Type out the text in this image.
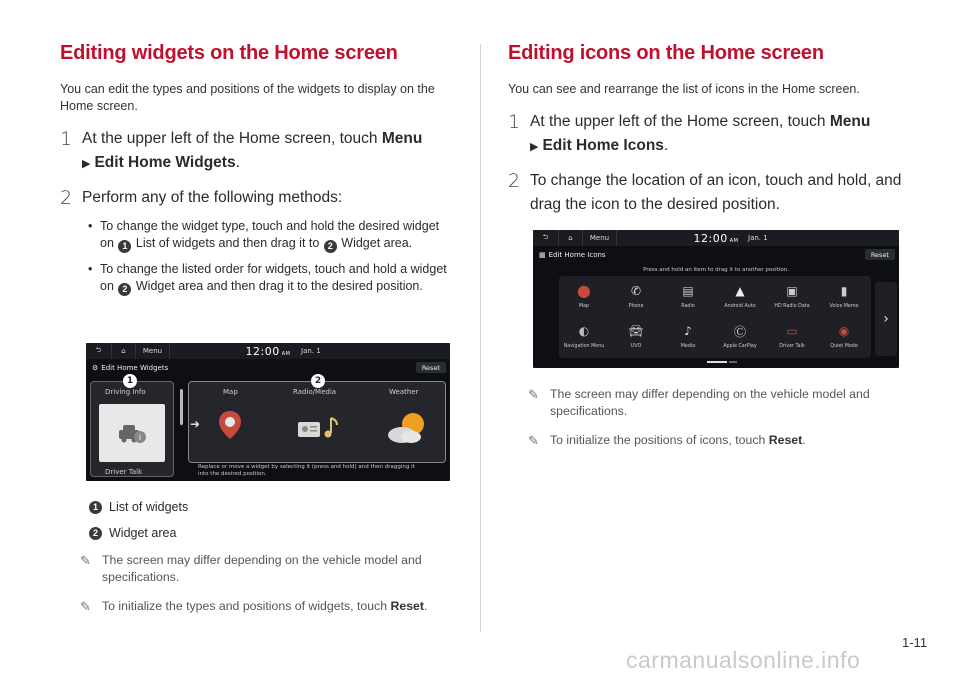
Editing widgets on the Home screen

You can edit the types and positions of the widgets to display on the Home screen.

1 At the upper left of the Home screen, touch Menu
▶ Edit Home Widgets.
2 Perform any of the following methods:
• To change the widget type, touch and hold the desired widget on 1 List of widgets and then drag it to 2 Widget area.
• To change the listed order for widgets, touch and hold a widget on 2 Widget area and then drag it to the desired position.
⮌	⌂	Menu	12:00 AM Jan. 1
⚙ Edit Home Widgets	Reset
Driving Info
i
Driver Talk
1
Map	Radio/Media	Weather
2
➜
Replace or move a widget by selecting it (press and hold) and then dragging it into the desired position.
1 List of widgets
2 Widget area
✎ The screen may differ depending on the vehicle model and specifications.
✎ To initialize the types and positions of widgets, touch Reset.
Editing icons on the Home screen

You can see and rearrange the list of icons in the Home screen.

1 At the upper left of the Home screen, touch Menu
▶ Edit Home Icons.
2 To change the location of an icon, touch and hold, and drag the icon to the desired position.
⮌	⌂	Menu	12:00 AM Jan. 1
▦ Edit Home Icons	Reset
Press and hold an item to drag it to another position.
⬤
Map
✆
Phone
▤
Radio
▲
Android Auto
▣
HD Radio Data
▮
Voice Memo
◐
Navigation Menu
🚘︎
UVO
♪
Media
Ⓒ
Apple CarPlay
▭
Driver Talk
◉
Quiet Mode
›
✎ The screen may differ depending on the vehicle model and specifications.
✎ To initialize the positions of icons, touch Reset.
1-11
carmanualsonline.info
